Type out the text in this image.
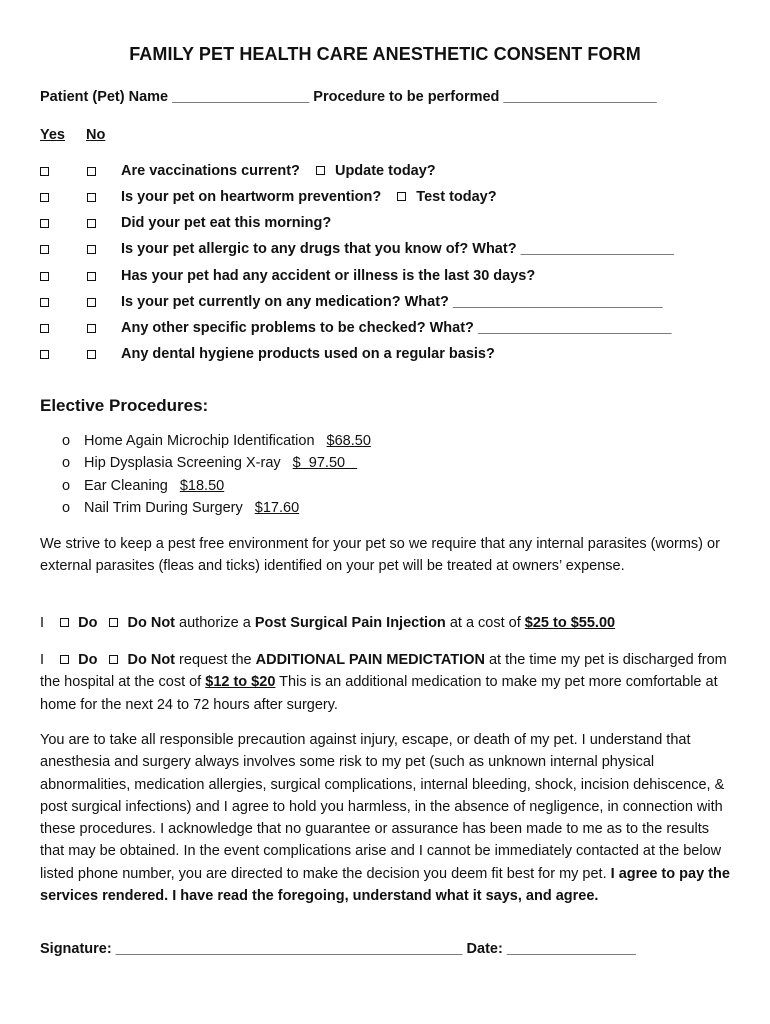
FAMILY PET HEALTH CARE ANESTHETIC CONSENT FORM
Patient (Pet) Name _________________ Procedure to be performed ___________________
Yes No
Are vaccinations current? Update today?
Is your pet on heartworm prevention? Test today?
Did your pet eat this morning?
Is your pet allergic to any drugs that you know of? What? ___________________
Has your pet had any accident or illness is the last 30 days?
Is your pet currently on any medication? What? __________________________
Any other specific problems to be checked? What? ________________________
Any dental hygiene products used on a regular basis?
Elective Procedures:
o Home Again Microchip Identification $68.50
o Hip Dysplasia Screening X-ray $  97.50
o Ear Cleaning $18.50
o Nail Trim During Surgery $17.60
We strive to keep a pest free environment for your pet so we require that any internal parasites (worms) or external parasites (fleas and ticks) identified on your pet will be treated at owners’ expense.
I Do Do Not authorize a Post Surgical Pain Injection at a cost of $25 to $55.00
I Do Do Not request the ADDITIONAL PAIN MEDICTATION at the time my pet is discharged from the hospital at the cost of $12 to $20 This is an additional medication to make my pet more comfortable at home for the next 24 to 72 hours after surgery.
You are to take all responsible precaution against injury, escape, or death of my pet. I understand that anesthesia and surgery always involves some risk to my pet (such as unknown internal physical abnormalities, medication allergies, surgical complications, internal bleeding, shock, incision dehiscence, & post surgical infections) and I agree to hold you harmless, in the absence of negligence, in connection with these procedures. I acknowledge that no guarantee or assurance has been made to me as to the results that may be obtained. In the event complications arise and I cannot be immediately contacted at the below listed phone number, you are directed to make the decision you deem fit best for my pet. I agree to pay the services rendered. I have read the foregoing, understand what it says, and agree.
Signature: ___________________________________________ Date: ________________
